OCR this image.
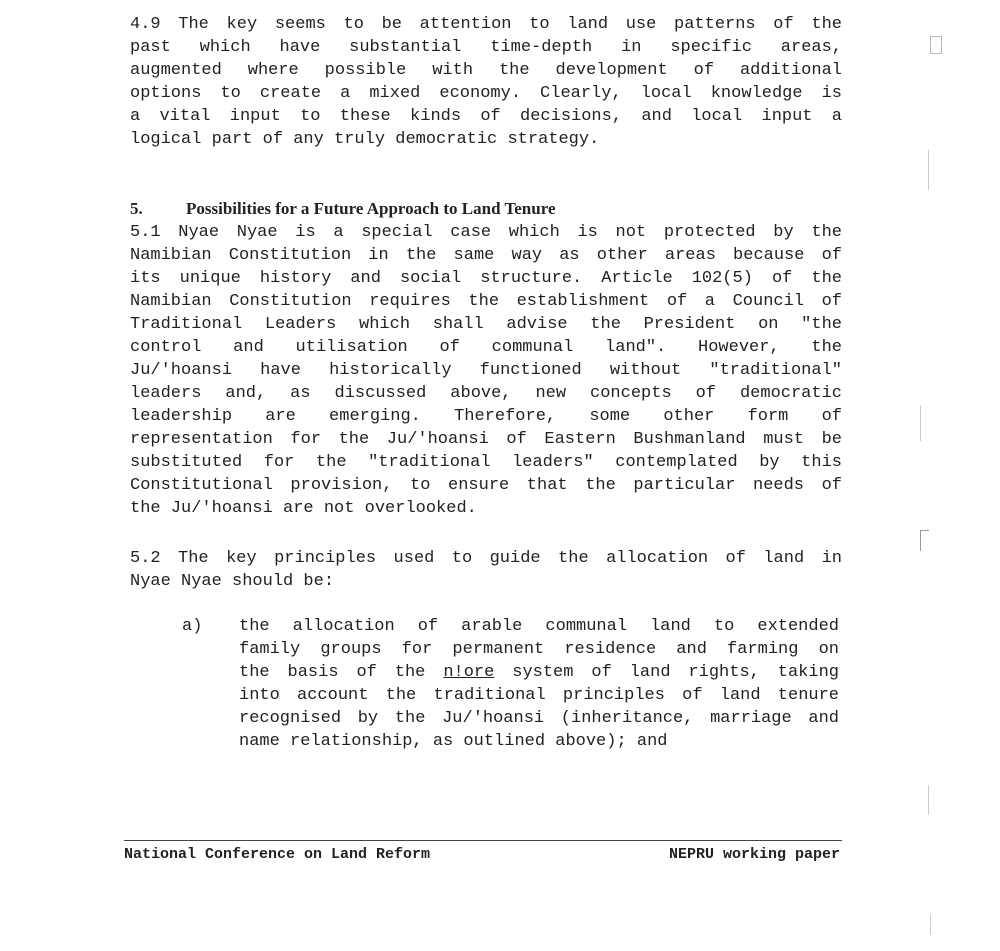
4.9 The key seems to be attention to land use patterns of the
past which have substantial time-depth in specific areas,
augmented where possible with the development of additional
options to create a mixed economy. Clearly, local knowledge is
a vital input to these kinds of decisions, and local input a
logical part of any truly democratic strategy.
5.	Possibilities for a Future Approach to Land Tenure
5.1 Nyae Nyae is a special case which is not protected by the
Namibian Constitution in the same way as other areas because of
its unique history and social structure. Article 102(5) of the
Namibian Constitution requires the establishment of a Council of
Traditional Leaders which shall advise the President on "the
control and utilisation of communal land". However, the
Ju/'hoansi have historically functioned without "traditional"
leaders and, as discussed above, new concepts of democratic
leadership are emerging. Therefore, some other form of
representation for the Ju/'hoansi of Eastern Bushmanland must be
substituted for the "traditional leaders" contemplated by this
Constitutional provision, to ensure that the particular needs of
the Ju/'hoansi are not overlooked.
5.2 The key principles used to guide the allocation of land in
Nyae Nyae should be:
a) the allocation of arable communal land to extended
family groups for permanent residence and farming on
the basis of the n!ore system of land rights, taking
into account the traditional principles of land tenure
recognised by the Ju/'hoansi (inheritance, marriage and
name relationship, as outlined above); and
National Conference on Land Reform	NEPRU working paper
